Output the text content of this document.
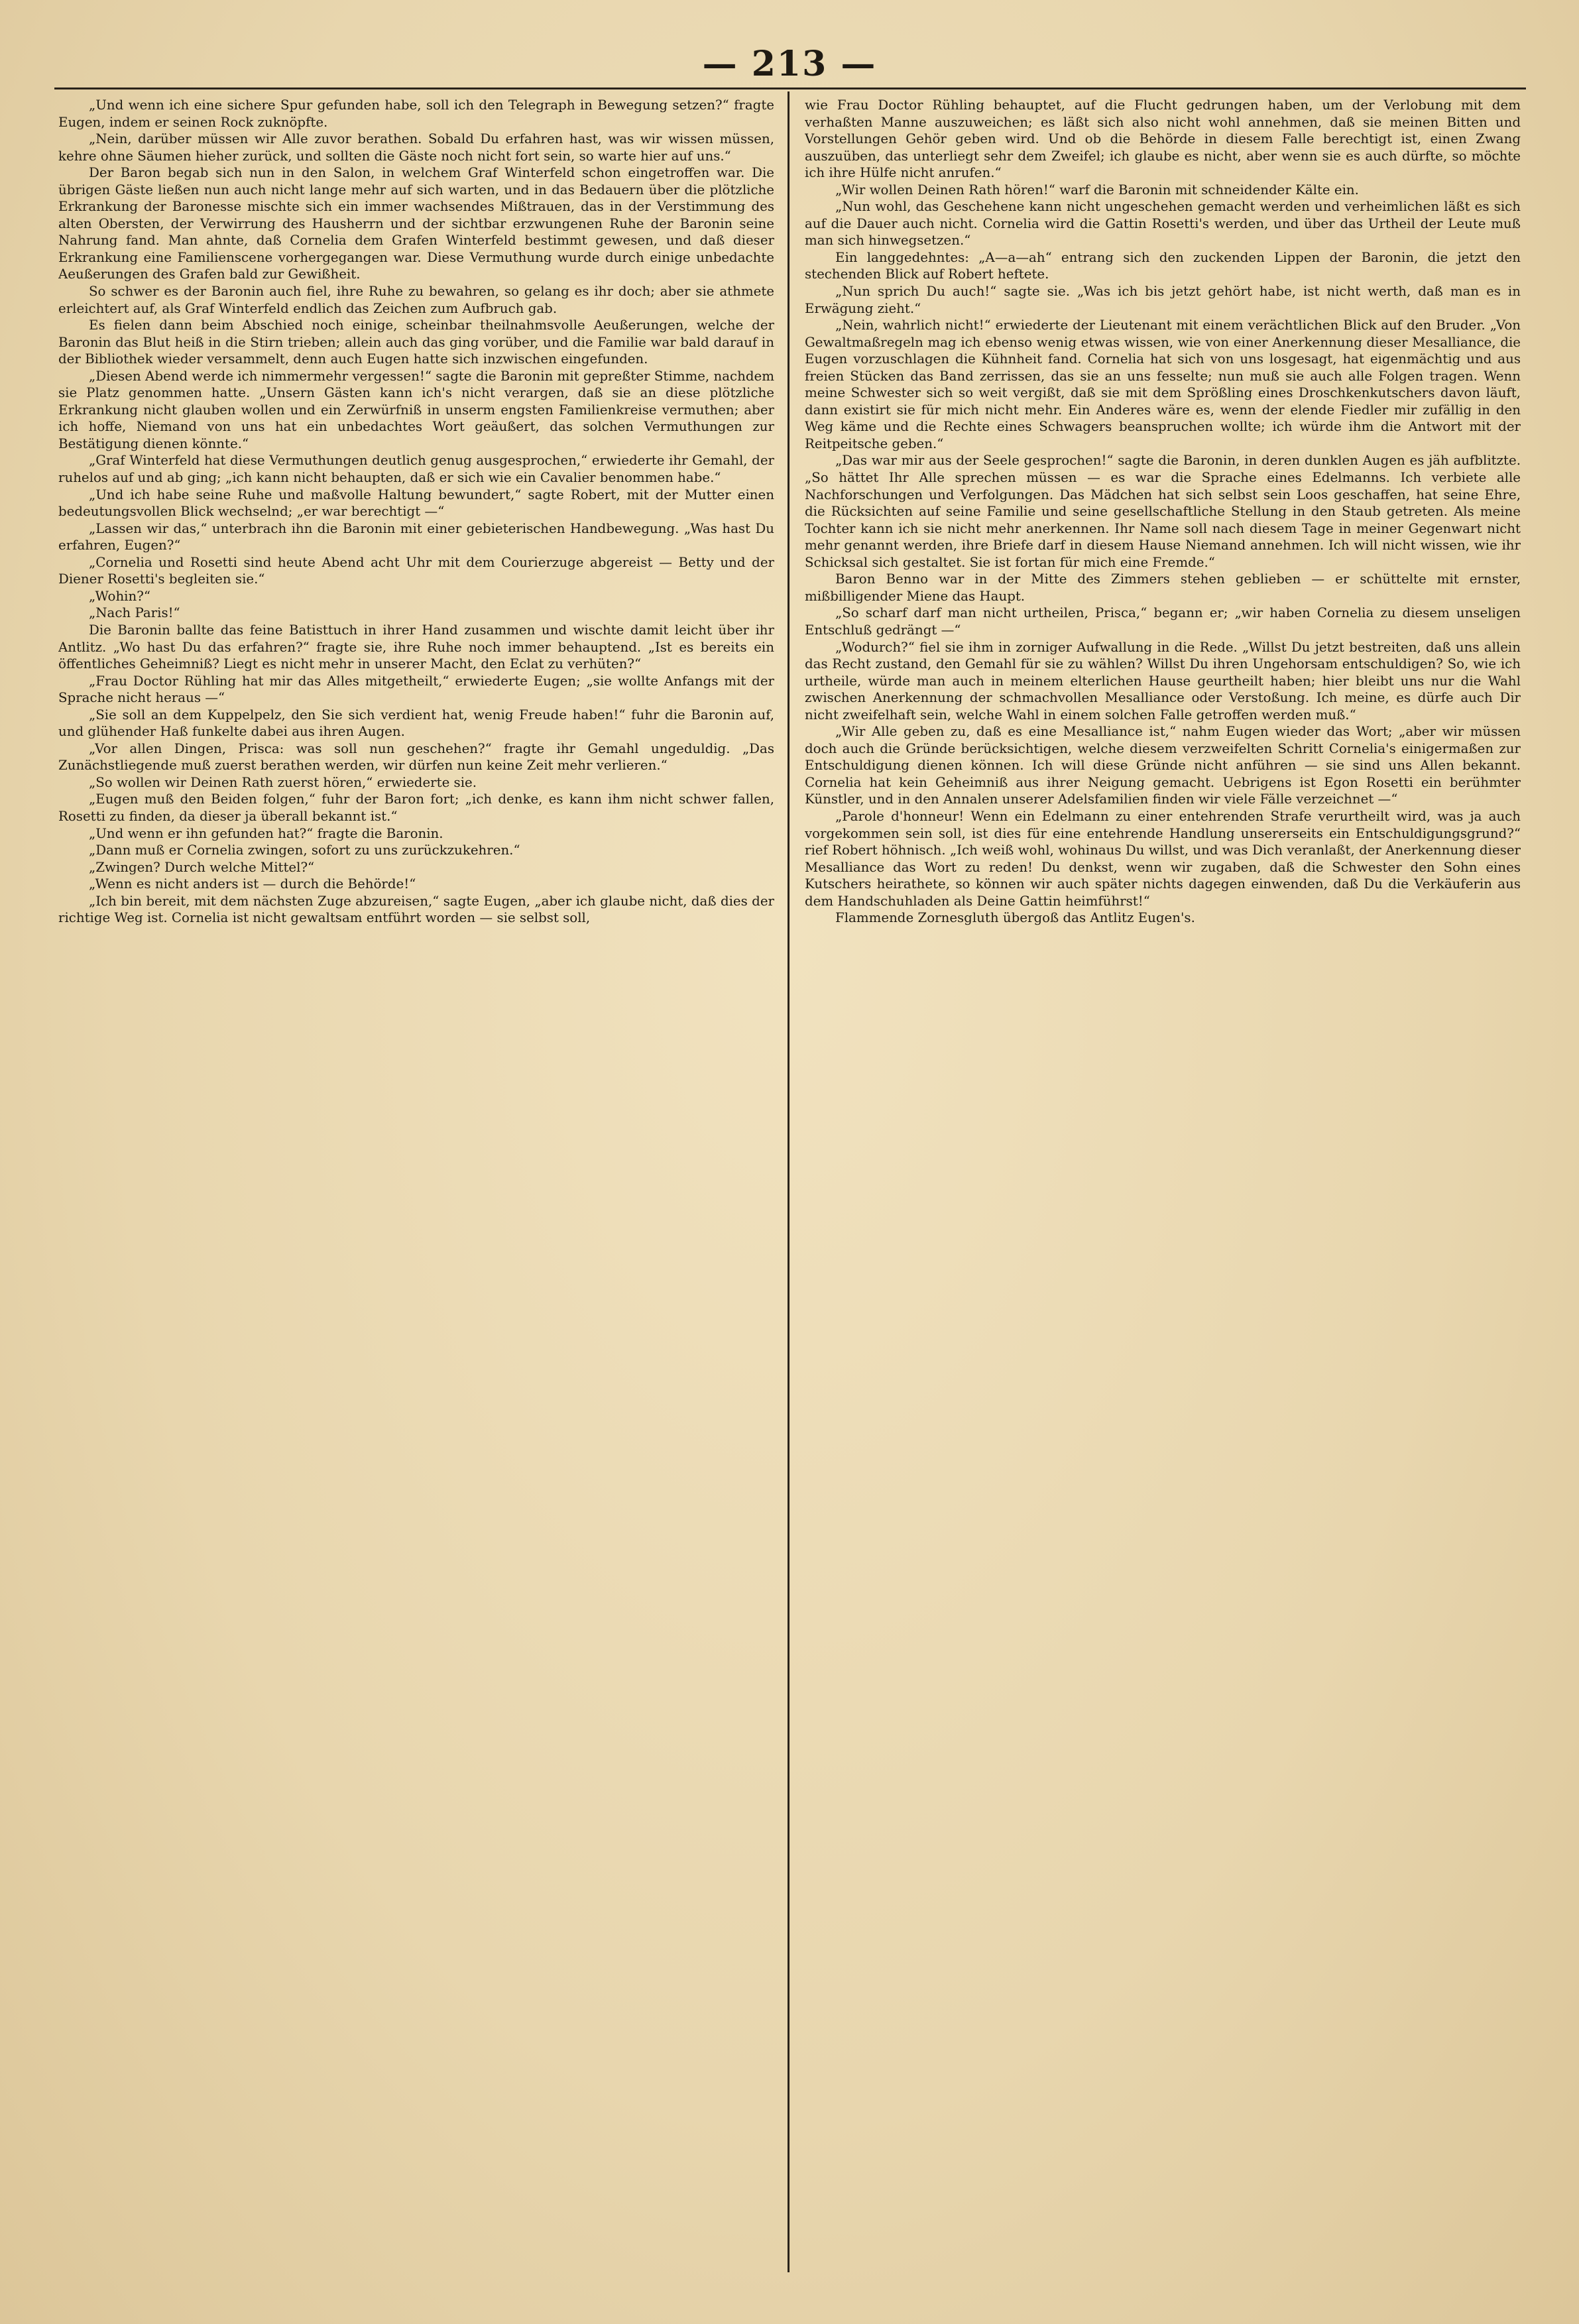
— 213 —

„Und wenn ich eine sichere Spur gefunden habe, soll ich den Telegraph in Bewegung setzen?“ fragte Eugen, indem er seinen Rock zuknöpfte.

„Nein, darüber müssen wir Alle zuvor berathen. Sobald Du erfahren hast, was wir wissen müssen, kehre ohne Säumen hieher zurück, und sollten die Gäste noch nicht fort sein, so warte hier auf uns.“

Der Baron begab sich nun in den Salon, in welchem Graf Winterfeld schon eingetroffen war. Die übrigen Gäste ließen nun auch nicht lange mehr auf sich warten, und in das Bedauern über die plötzliche Erkrankung der Baronesse mischte sich ein immer wachsendes Mißtrauen, das in der Verstimmung des alten Obersten, der Verwirrung des Hausherrn und der sichtbar erzwungenen Ruhe der Baronin seine Nahrung fand. Man ahnte, daß Cornelia dem Grafen Winterfeld bestimmt gewesen, und daß dieser Erkrankung eine Familienscene vorhergegangen war. Diese Vermuthung wurde durch einige unbedachte Aeußerungen des Grafen bald zur Gewißheit.

So schwer es der Baronin auch fiel, ihre Ruhe zu bewahren, so gelang es ihr doch; aber sie athmete erleichtert auf, als Graf Winterfeld endlich das Zeichen zum Aufbruch gab.

Es fielen dann beim Abschied noch einige, scheinbar theilnahmsvolle Aeußerungen, welche der Baronin das Blut heiß in die Stirn trieben; allein auch das ging vorüber, und die Familie war bald darauf in der Bibliothek wieder versammelt, denn auch Eugen hatte sich inzwischen eingefunden.

„Diesen Abend werde ich nimmermehr vergessen!“ sagte die Baronin mit gepreßter Stimme, nachdem sie Platz genommen hatte. „Unsern Gästen kann ich's nicht verargen, daß sie an diese plötzliche Erkrankung nicht glauben wollen und ein Zerwürfniß in unserm engsten Familienkreise vermuthen; aber ich hoffe, Niemand von uns hat ein unbedachtes Wort geäußert, das solchen Vermuthungen zur Bestätigung dienen könnte.“

„Graf Winterfeld hat diese Vermuthungen deutlich genug ausgesprochen,“ erwiederte ihr Gemahl, der ruhelos auf und ab ging; „ich kann nicht behaupten, daß er sich wie ein Cavalier benommen habe.“

„Und ich habe seine Ruhe und maßvolle Haltung bewundert,“ sagte Robert, mit der Mutter einen bedeutungsvollen Blick wechselnd; „er war berechtigt —“

„Lassen wir das,“ unterbrach ihn die Baronin mit einer gebieterischen Handbewegung. „Was hast Du erfahren, Eugen?“

„Cornelia und Rosetti sind heute Abend acht Uhr mit dem Courierzuge abgereist — Betty und der Diener Rosetti's begleiten sie.“

„Wohin?“

„Nach Paris!“

Die Baronin ballte das feine Batisttuch in ihrer Hand zusammen und wischte damit leicht über ihr Antlitz. „Wo hast Du das erfahren?“ fragte sie, ihre Ruhe noch immer behauptend. „Ist es bereits ein öffentliches Geheimniß? Liegt es nicht mehr in unserer Macht, den Eclat zu verhüten?“

„Frau Doctor Rühling hat mir das Alles mitgetheilt,“ erwiederte Eugen; „sie wollte Anfangs mit der Sprache nicht heraus —“

„Sie soll an dem Kuppelpelz, den Sie sich verdient hat, wenig Freude haben!“ fuhr die Baronin auf, und glühender Haß funkelte dabei aus ihren Augen.

„Vor allen Dingen, Prisca: was soll nun geschehen?“ fragte ihr Gemahl ungeduldig. „Das Zunächstliegende muß zuerst berathen werden, wir dürfen nun keine Zeit mehr verlieren.“

„So wollen wir Deinen Rath zuerst hören,“ erwiederte sie.

„Eugen muß den Beiden folgen,“ fuhr der Baron fort; „ich denke, es kann ihm nicht schwer fallen, Rosetti zu finden, da dieser ja überall bekannt ist.“

„Und wenn er ihn gefunden hat?“ fragte die Baronin.

„Dann muß er Cornelia zwingen, sofort zu uns zurückzukehren.“

„Zwingen? Durch welche Mittel?“

„Wenn es nicht anders ist — durch die Behörde!“

„Ich bin bereit, mit dem nächsten Zuge abzureisen,“ sagte Eugen, „aber ich glaube nicht, daß dies der richtige Weg ist. Cornelia ist nicht gewaltsam entführt worden — sie selbst soll,

wie Frau Doctor Rühling behauptet, auf die Flucht gedrungen haben, um der Verlobung mit dem verhaßten Manne auszuweichen; es läßt sich also nicht wohl annehmen, daß sie meinen Bitten und Vorstellungen Gehör geben wird. Und ob die Behörde in diesem Falle berechtigt ist, einen Zwang auszuüben, das unterliegt sehr dem Zweifel; ich glaube es nicht, aber wenn sie es auch dürfte, so möchte ich ihre Hülfe nicht anrufen.“

„Wir wollen Deinen Rath hören!“ warf die Baronin mit schneidender Kälte ein.

„Nun wohl, das Geschehene kann nicht ungeschehen gemacht werden und verheimlichen läßt es sich auf die Dauer auch nicht. Cornelia wird die Gattin Rosetti's werden, und über das Urtheil der Leute muß man sich hinwegsetzen.“

Ein langgedehntes: „A—a—ah“ entrang sich den zuckenden Lippen der Baronin, die jetzt den stechenden Blick auf Robert heftete.

„Nun sprich Du auch!“ sagte sie. „Was ich bis jetzt gehört habe, ist nicht werth, daß man es in Erwägung zieht.“

„Nein, wahrlich nicht!“ erwiederte der Lieutenant mit einem verächtlichen Blick auf den Bruder. „Von Gewaltmaßregeln mag ich ebenso wenig etwas wissen, wie von einer Anerkennung dieser Mesalliance, die Eugen vorzuschlagen die Kühnheit fand. Cornelia hat sich von uns losgesagt, hat eigenmächtig und aus freien Stücken das Band zerrissen, das sie an uns fesselte; nun muß sie auch alle Folgen tragen. Wenn meine Schwester sich so weit vergißt, daß sie mit dem Sprößling eines Droschkenkutschers davon läuft, dann existirt sie für mich nicht mehr. Ein Anderes wäre es, wenn der elende Fiedler mir zufällig in den Weg käme und die Rechte eines Schwagers beanspruchen wollte; ich würde ihm die Antwort mit der Reitpeitsche geben.“

„Das war mir aus der Seele gesprochen!“ sagte die Baronin, in deren dunklen Augen es jäh aufblitzte. „So hättet Ihr Alle sprechen müssen — es war die Sprache eines Edelmanns. Ich verbiete alle Nachforschungen und Verfolgungen. Das Mädchen hat sich selbst sein Loos geschaffen, hat seine Ehre, die Rücksichten auf seine Familie und seine gesellschaftliche Stellung in den Staub getreten. Als meine Tochter kann ich sie nicht mehr anerkennen. Ihr Name soll nach diesem Tage in meiner Gegenwart nicht mehr genannt werden, ihre Briefe darf in diesem Hause Niemand annehmen. Ich will nicht wissen, wie ihr Schicksal sich gestaltet. Sie ist fortan für mich eine Fremde.“

Baron Benno war in der Mitte des Zimmers stehen geblieben — er schüttelte mit ernster, mißbilligender Miene das Haupt.

„So scharf darf man nicht urtheilen, Prisca,“ begann er; „wir haben Cornelia zu diesem unseligen Entschluß gedrängt —“

„Wodurch?“ fiel sie ihm in zorniger Aufwallung in die Rede. „Willst Du jetzt bestreiten, daß uns allein das Recht zustand, den Gemahl für sie zu wählen? Willst Du ihren Ungehorsam entschuldigen? So, wie ich urtheile, würde man auch in meinem elterlichen Hause geurtheilt haben; hier bleibt uns nur die Wahl zwischen Anerkennung der schmachvollen Mesalliance oder Verstoßung. Ich meine, es dürfe auch Dir nicht zweifelhaft sein, welche Wahl in einem solchen Falle getroffen werden muß.“

„Wir Alle geben zu, daß es eine Mesalliance ist,“ nahm Eugen wieder das Wort; „aber wir müssen doch auch die Gründe berücksichtigen, welche diesem verzweifelten Schritt Cornelia's einigermaßen zur Entschuldigung dienen können. Ich will diese Gründe nicht anführen — sie sind uns Allen bekannt. Cornelia hat kein Geheimniß aus ihrer Neigung gemacht. Uebrigens ist Egon Rosetti ein berühmter Künstler, und in den Annalen unserer Adelsfamilien finden wir viele Fälle verzeichnet —“

„Parole d'honneur! Wenn ein Edelmann zu einer entehrenden Strafe verurtheilt wird, was ja auch vorgekommen sein soll, ist dies für eine entehrende Handlung unsererseits ein Entschuldigungsgrund?“ rief Robert höhnisch. „Ich weiß wohl, wohinaus Du willst, und was Dich veranlaßt, der Anerkennung dieser Mesalliance das Wort zu reden! Du denkst, wenn wir zugaben, daß die Schwester den Sohn eines Kutschers heirathete, so können wir auch später nichts dagegen einwenden, daß Du die Verkäuferin aus dem Handschuhladen als Deine Gattin heimführst!“

Flammende Zornesgluth übergoß das Antlitz Eugen's.
